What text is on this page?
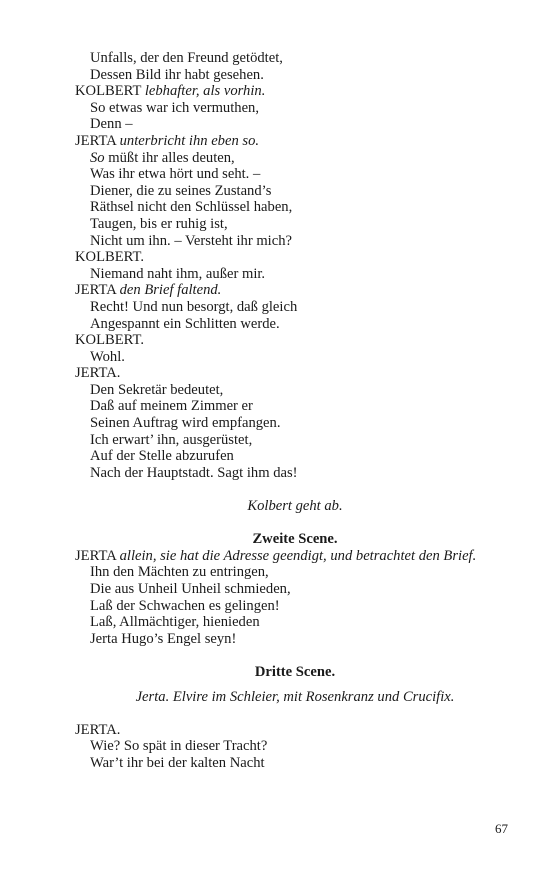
Unfalls, der den Freund getödtet,
Dessen Bild ihr habt gesehen.
KOLBERT lebhafter, als vorhin.
So etwas war ich vermuthen,
Denn –
JERTA unterbricht ihn eben so.
So müßt ihr alles deuten,
Was ihr etwa hört und seht. –
Diener, die zu seines Zustand’s
Räthsel nicht den Schlüssel haben,
Taugen, bis er ruhig ist,
Nicht um ihn. – Versteht ihr mich?
KOLBERT.
Niemand naht ihm, außer mir.
JERTA den Brief faltend.
Recht! Und nun besorgt, daß gleich
Angespannt ein Schlitten werde.
KOLBERT.
Wohl.
JERTA.
Den Sekretär bedeutet,
Daß auf meinem Zimmer er
Seinen Auftrag wird empfangen.
Ich erwart’ ihn, ausgerüstet,
Auf der Stelle abzurufen
Nach der Hauptstadt. Sagt ihm das!
Kolbert geht ab.
Zweite Scene.
JERTA allein, sie hat die Adresse geendigt, und betrachtet den Brief.
Ihn den Mächten zu entringen,
Die aus Unheil Unheil schmieden,
Laß der Schwachen es gelingen!
Laß, Allmächtiger, hienieden
Jerta Hugo’s Engel seyn!
Dritte Scene.
Jerta. Elvire im Schleier, mit Rosenkranz und Crucifix.
JERTA.
Wie? So spät in dieser Tracht?
War’t ihr bei der kalten Nacht
67
